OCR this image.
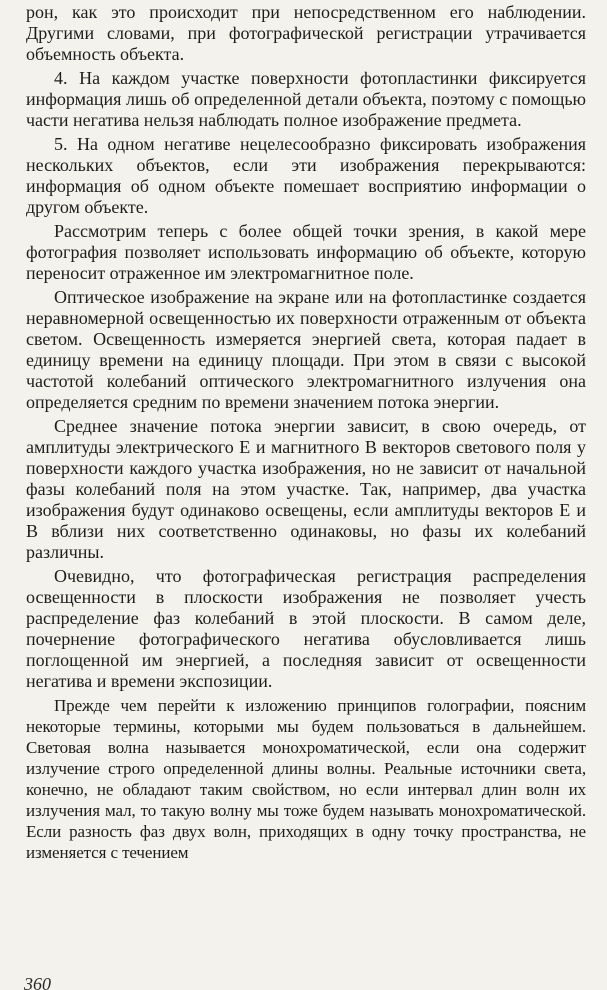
рон, как это происходит при непосредственном его наблюдении. Другими словами, при фотографической регистрации утрачивается объемность объекта.

4. На каждом участке поверхности фотопластинки фиксируется информация лишь об определенной детали объекта, поэтому с помощью части негатива нельзя наблюдать полное изображение предмета.

5. На одном негативе нецелесообразно фиксировать изображения нескольких объектов, если эти изображения перекрываются: информация об одном объекте помешает восприятию информации о другом объекте.

Рассмотрим теперь с более общей точки зрения, в какой мере фотография позволяет использовать информацию об объекте, которую переносит отраженное им электромагнитное поле.

Оптическое изображение на экране или на фотопластинке создается неравномерной освещенностью их поверхности отраженным от объекта светом. Освещенность измеряется энергией света, которая падает в единицу времени на единицу площади. При этом в связи с высокой частотой колебаний оптического электромагнитного излучения она определяется средним по времени значением потока энергии.

Среднее значение потока энергии зависит, в свою очередь, от амплитуды электрического E и магнитного B векторов светового поля у поверхности каждого участка изображения, но не зависит от начальной фазы колебаний поля на этом участке. Так, например, два участка изображения будут одинаково освещены, если амплитуды векторов E и B вблизи них соответственно одинаковы, но фазы их колебаний различны.

Очевидно, что фотографическая регистрация распределения освещенности в плоскости изображения не позволяет учесть распределение фаз колебаний в этой плоскости. В самом деле, почернение фотографического негатива обусловливается лишь поглощенной им энергией, а последняя зависит от освещенности негатива и времени экспозиции.

Прежде чем перейти к изложению принципов голографии, поясним некоторые термины, которыми мы будем пользоваться в дальнейшем. Световая волна называется монохроматической, если она содержит излучение строго определенной длины волны. Реальные источники света, конечно, не обладают таким свойством, но если интервал длин волн их излучения мал, то такую волну мы тоже будем называть монохроматической. Если разность фаз двух волн, приходящих в одну точку пространства, не изменяется с течением

360
